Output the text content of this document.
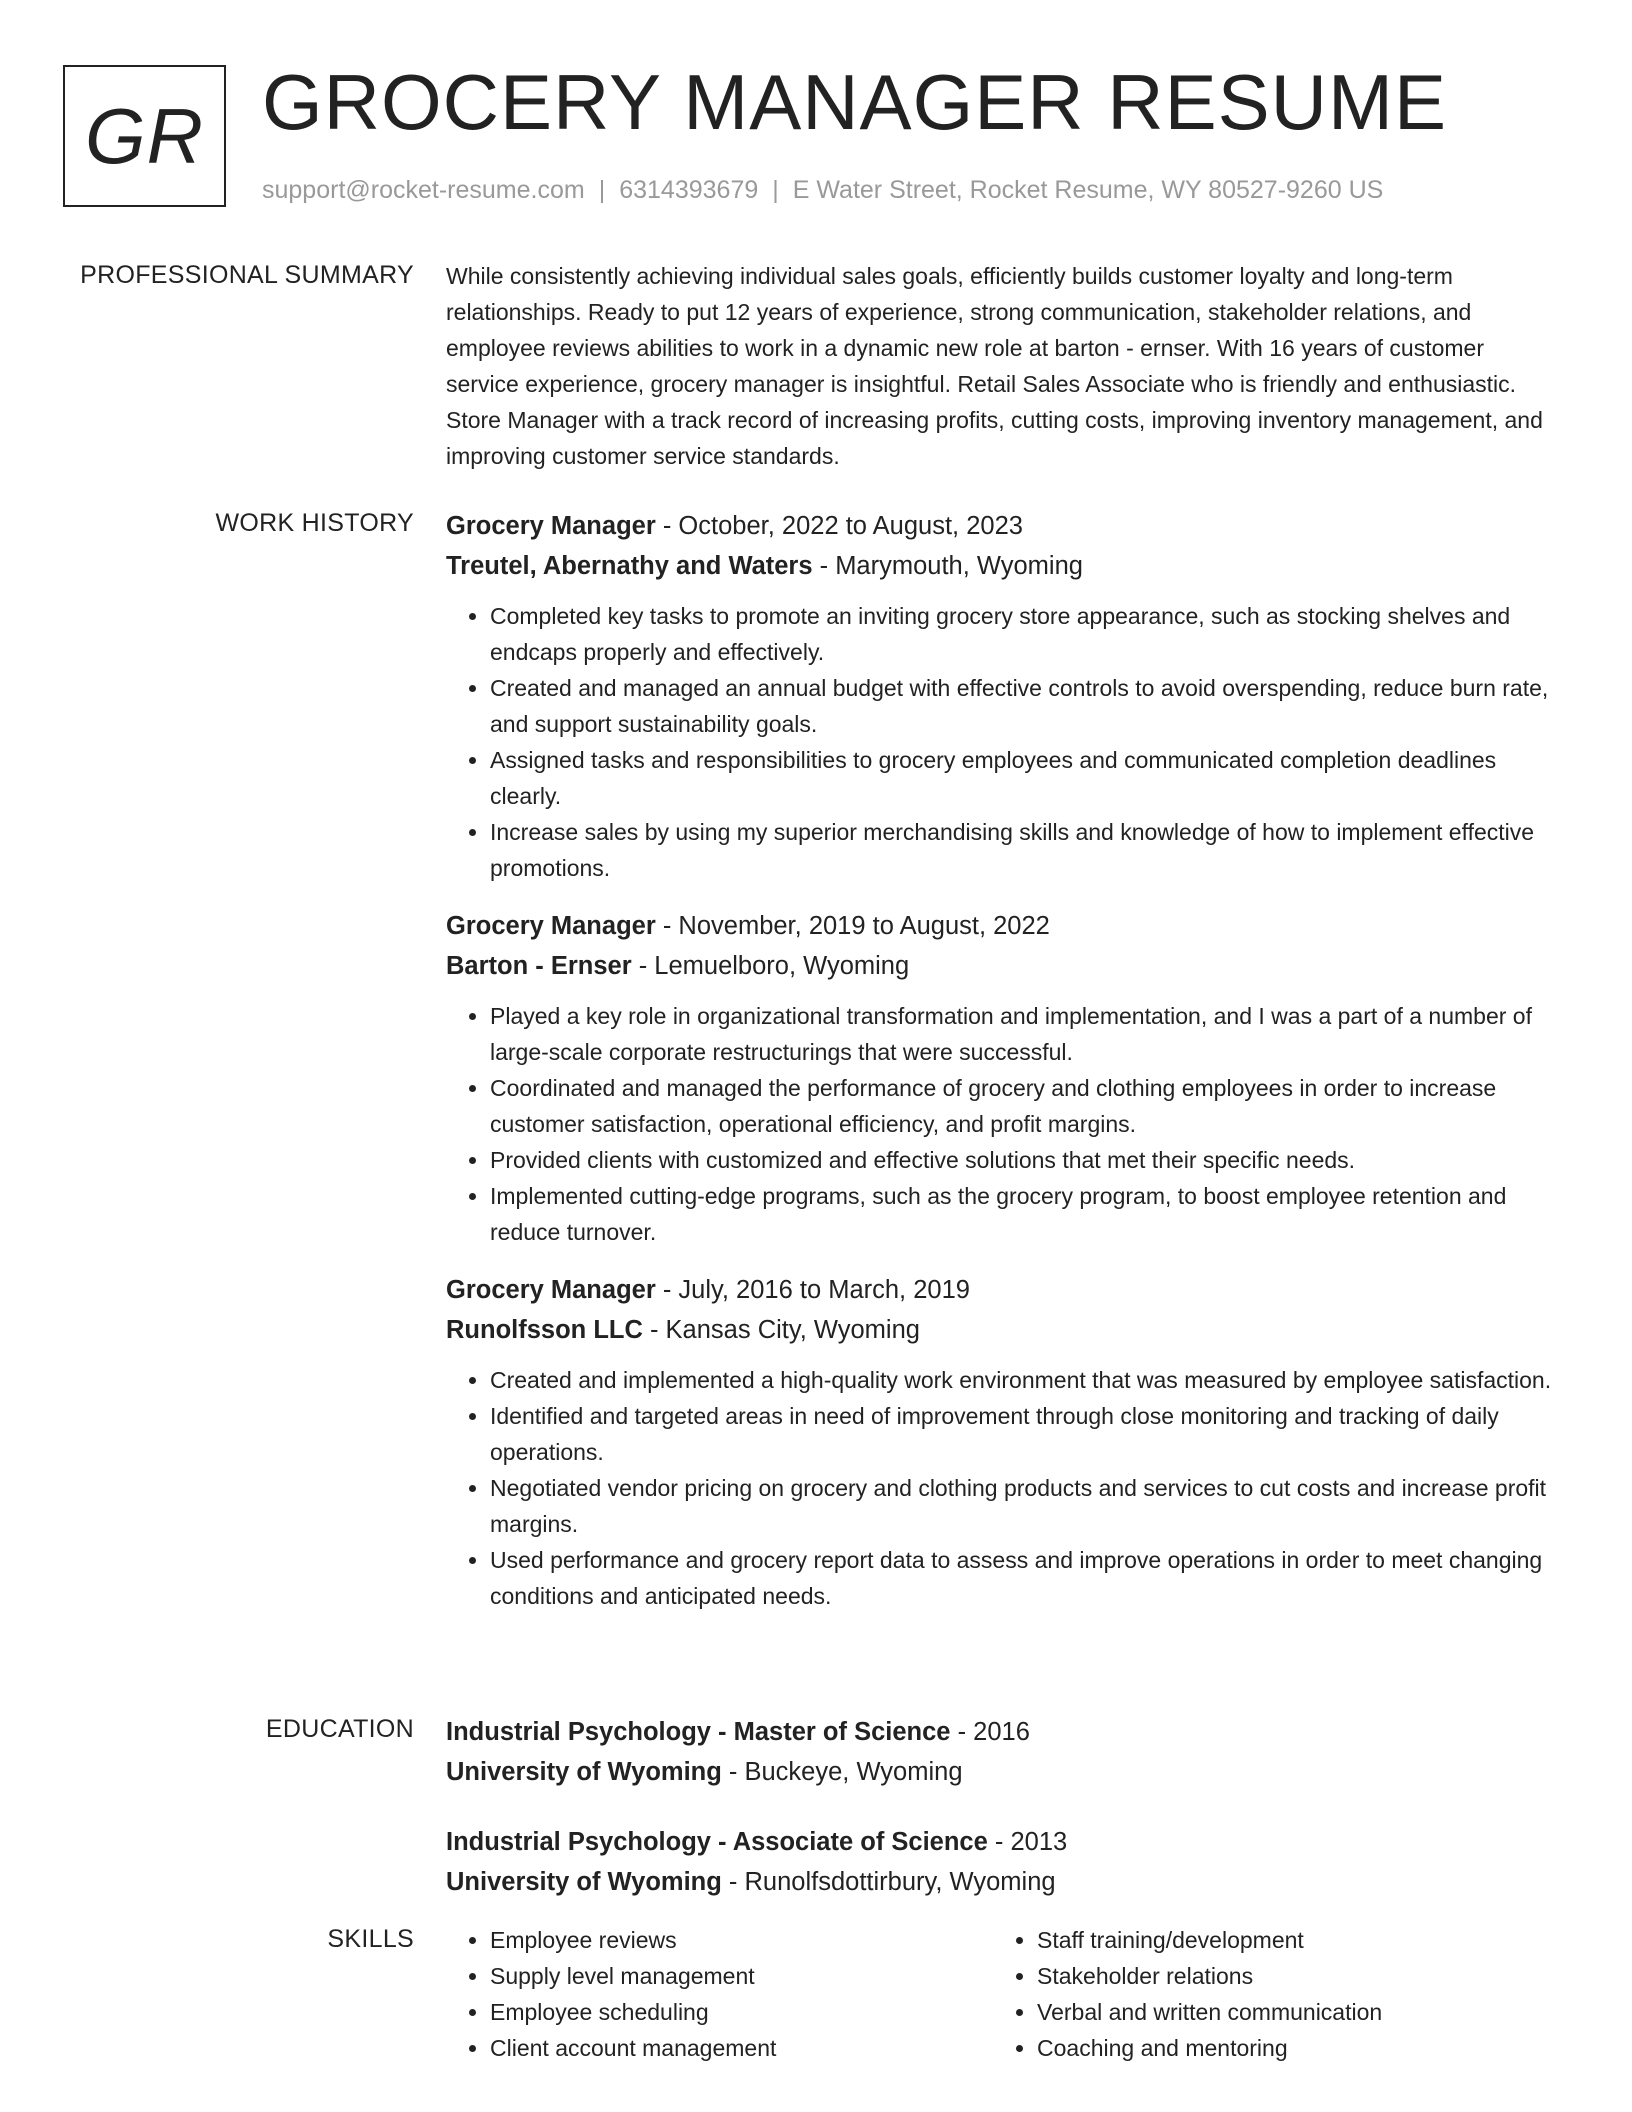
GR GROCERY MANAGER RESUME
support@rocket-resume.com | 6314393679 | E Water Street, Rocket Resume, WY 80527-9260 US
PROFESSIONAL SUMMARY While consistently achieving individual sales goals, efficiently builds customer loyalty and long-term relationships. Ready to put 12 years of experience, strong communication, stakeholder relations, and employee reviews abilities to work in a dynamic new role at barton - ernser. With 16 years of customer service experience, grocery manager is insightful. Retail Sales Associate who is friendly and enthusiastic. Store Manager with a track record of increasing profits, cutting costs, improving inventory management, and improving customer service standards.
WORK HISTORY Grocery Manager - October, 2022 to August, 2023
Treutel, Abernathy and Waters - Marymouth, Wyoming
• Completed key tasks to promote an inviting grocery store appearance, such as stocking shelves and endcaps properly and effectively.
• Created and managed an annual budget with effective controls to avoid overspending, reduce burn rate, and support sustainability goals.
• Assigned tasks and responsibilities to grocery employees and communicated completion deadlines clearly.
• Increase sales by using my superior merchandising skills and knowledge of how to implement effective promotions.
Grocery Manager - November, 2019 to August, 2022
Barton - Ernser - Lemuelboro, Wyoming
• Played a key role in organizational transformation and implementation, and I was a part of a number of large-scale corporate restructurings that were successful.
• Coordinated and managed the performance of grocery and clothing employees in order to increase customer satisfaction, operational efficiency, and profit margins.
• Provided clients with customized and effective solutions that met their specific needs.
• Implemented cutting-edge programs, such as the grocery program, to boost employee retention and reduce turnover.
Grocery Manager - July, 2016 to March, 2019
Runolfsson LLC - Kansas City, Wyoming
• Created and implemented a high-quality work environment that was measured by employee satisfaction.
• Identified and targeted areas in need of improvement through close monitoring and tracking of daily operations.
• Negotiated vendor pricing on grocery and clothing products and services to cut costs and increase profit margins.
• Used performance and grocery report data to assess and improve operations in order to meet changing conditions and anticipated needs.
EDUCATION Industrial Psychology - Master of Science - 2016
University of Wyoming - Buckeye, Wyoming
Industrial Psychology - Associate of Science - 2013
University of Wyoming - Runolfsdottirbury, Wyoming
SKILLS
•	Employee reviews
• Supply level management
• Employee scheduling
• Client account management
• Staff training/development
• Stakeholder relations
• Verbal and written communication
• Coaching and mentoring
